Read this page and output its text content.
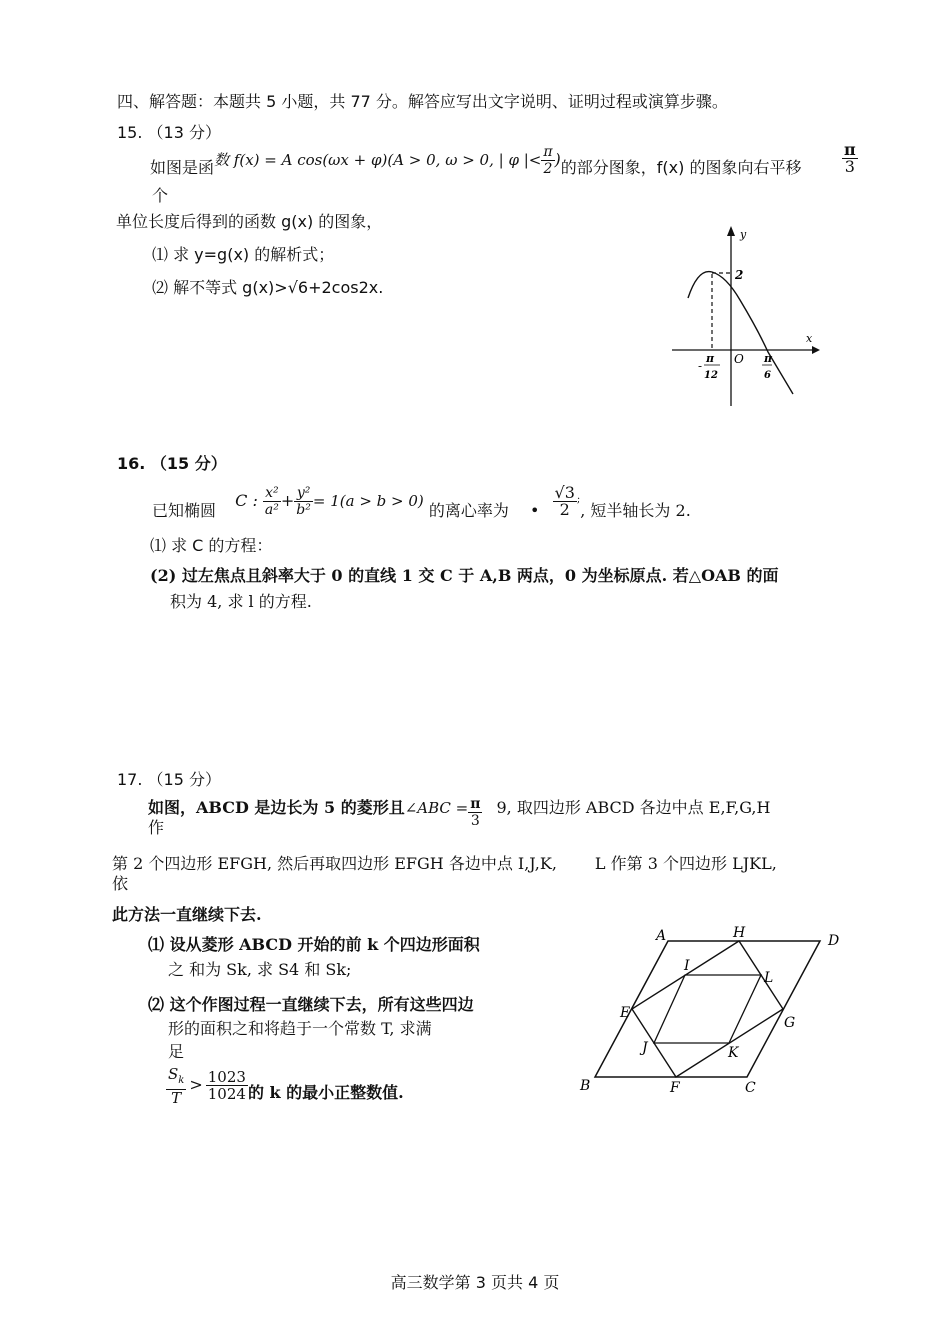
四、解答题：本题共 5 小题，共 77 分。解答应写出文字说明、证明过程或演算步骤。
15. （13 分）
如图是函数 f(x) = A cos(ωx + φ)(A > 0, ω > 0, | φ |< $\frac{\pi}{2}$ )的部分图象，f(x) 的图象向右平移	$\frac{\pi}{3}$
个
单位长度后得到的函数 g(x) 的图象，
⑴ 求 y=g(x) 的解析式；
⑵ 解不等式 g(x)>√6+2cos2x.
y
x
O
2
-
π
12
π
6
16. （15 分）
已知椭圆 C : $\frac{\text{x²}}{\text{a²}} + \frac{\text{y²}}{\text{b²}} = 1(a > b > 0)$ 的离心率为 • $\frac{√3}{2} ^;$, 短半轴长为 2.
⑴ 求 C 的方程：
(2) 过左焦点且斜率大于 0 的直线 1 交 C 于 A,B 两点，0 为坐标原点. 若△OAB 的面
积为 4, 求 l 的方程.
17. （15 分）
如图，ABCD 是边长为 5 的菱形且∠ABC = $\frac{\pi}{3} 9$, 取四边形 ABCD 各边中点 E,F,G,H
作
第 2 个四边形 EFGH, 然后再取四边形 EFGH 各边中点 I,J,K, L 作第 3 个四边形 LJKL,
依
此方法一直继续下去.
⑴ 设从菱形 ABCD 开始的前 k 个四边形面积
之 和为 Sk, 求 S4 和 Sk;
⑵ 这个作图过程一直继续下去，所有这些四边
形的面积之和将趋于一个常数 T, 求满
足
$\frac{S_k}{T} > \frac{1023}{1024}$ 的 k 的最小正整数值.
A	D
B	C
H
E
G
F
I
L
J	K
高三数学第 3 页共 4 页
